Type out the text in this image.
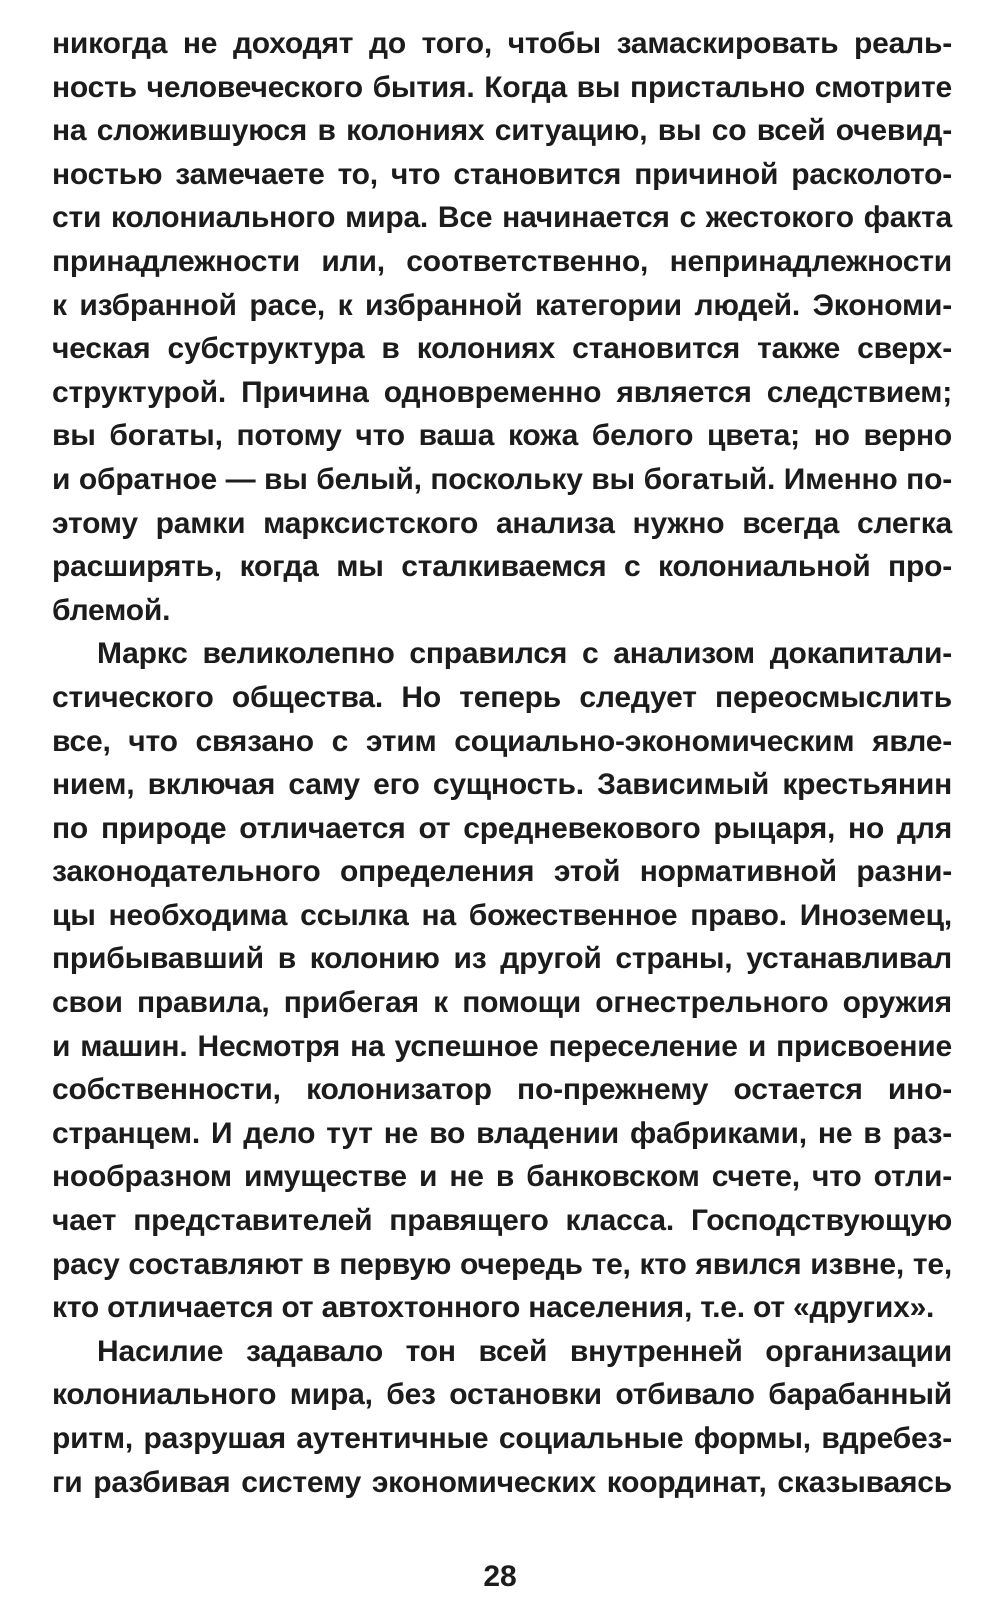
никогда не доходят до того, чтобы замаскировать реаль-
ность человеческого бытия. Когда вы пристально смотрите
на сложившуюся в колониях ситуацию, вы со всей очевид-
ностью замечаете то, что становится причиной расколото-
сти колониального мира. Все начинается с жестокого факта
принадлежности или, соответственно, непринадлежности
к избранной расе, к избранной категории людей. Экономи-
ческая субструктура в колониях становится также сверх-
структурой. Причина одновременно является следствием;
вы богаты, потому что ваша кожа белого цвета; но верно
и обратное — вы белый, поскольку вы богатый. Именно по-
этому рамки марксистского анализа нужно всегда слегка
расширять, когда мы сталкиваемся с колониальной про-
блемой.
Маркс великолепно справился с анализом докапитали-
стического общества. Но теперь следует переосмыслить
все, что связано с этим социально-экономическим явле-
нием, включая саму его сущность. Зависимый крестьянин
по природе отличается от средневекового рыцаря, но для
законодательного определения этой нормативной разни-
цы необходима ссылка на божественное право. Иноземец,
прибывавший в колонию из другой страны, устанавливал
свои правила, прибегая к помощи огнестрельного оружия
и машин. Несмотря на успешное переселение и присвоение
собственности, колонизатор по-прежнему остается ино-
странцем. И дело тут не во владении фабриками, не в раз-
нообразном имуществе и не в банковском счете, что отли-
чает представителей правящего класса. Господствующую
расу составляют в первую очередь те, кто явился извне, те,
кто отличается от автохтонного населения, т.е. от «других».
Насилие задавало тон всей внутренней организации
колониального мира, без остановки отбивало барабанный
ритм, разрушая аутентичные социальные формы, вдребез-
ги разбивая систему экономических координат, сказываясь
28
